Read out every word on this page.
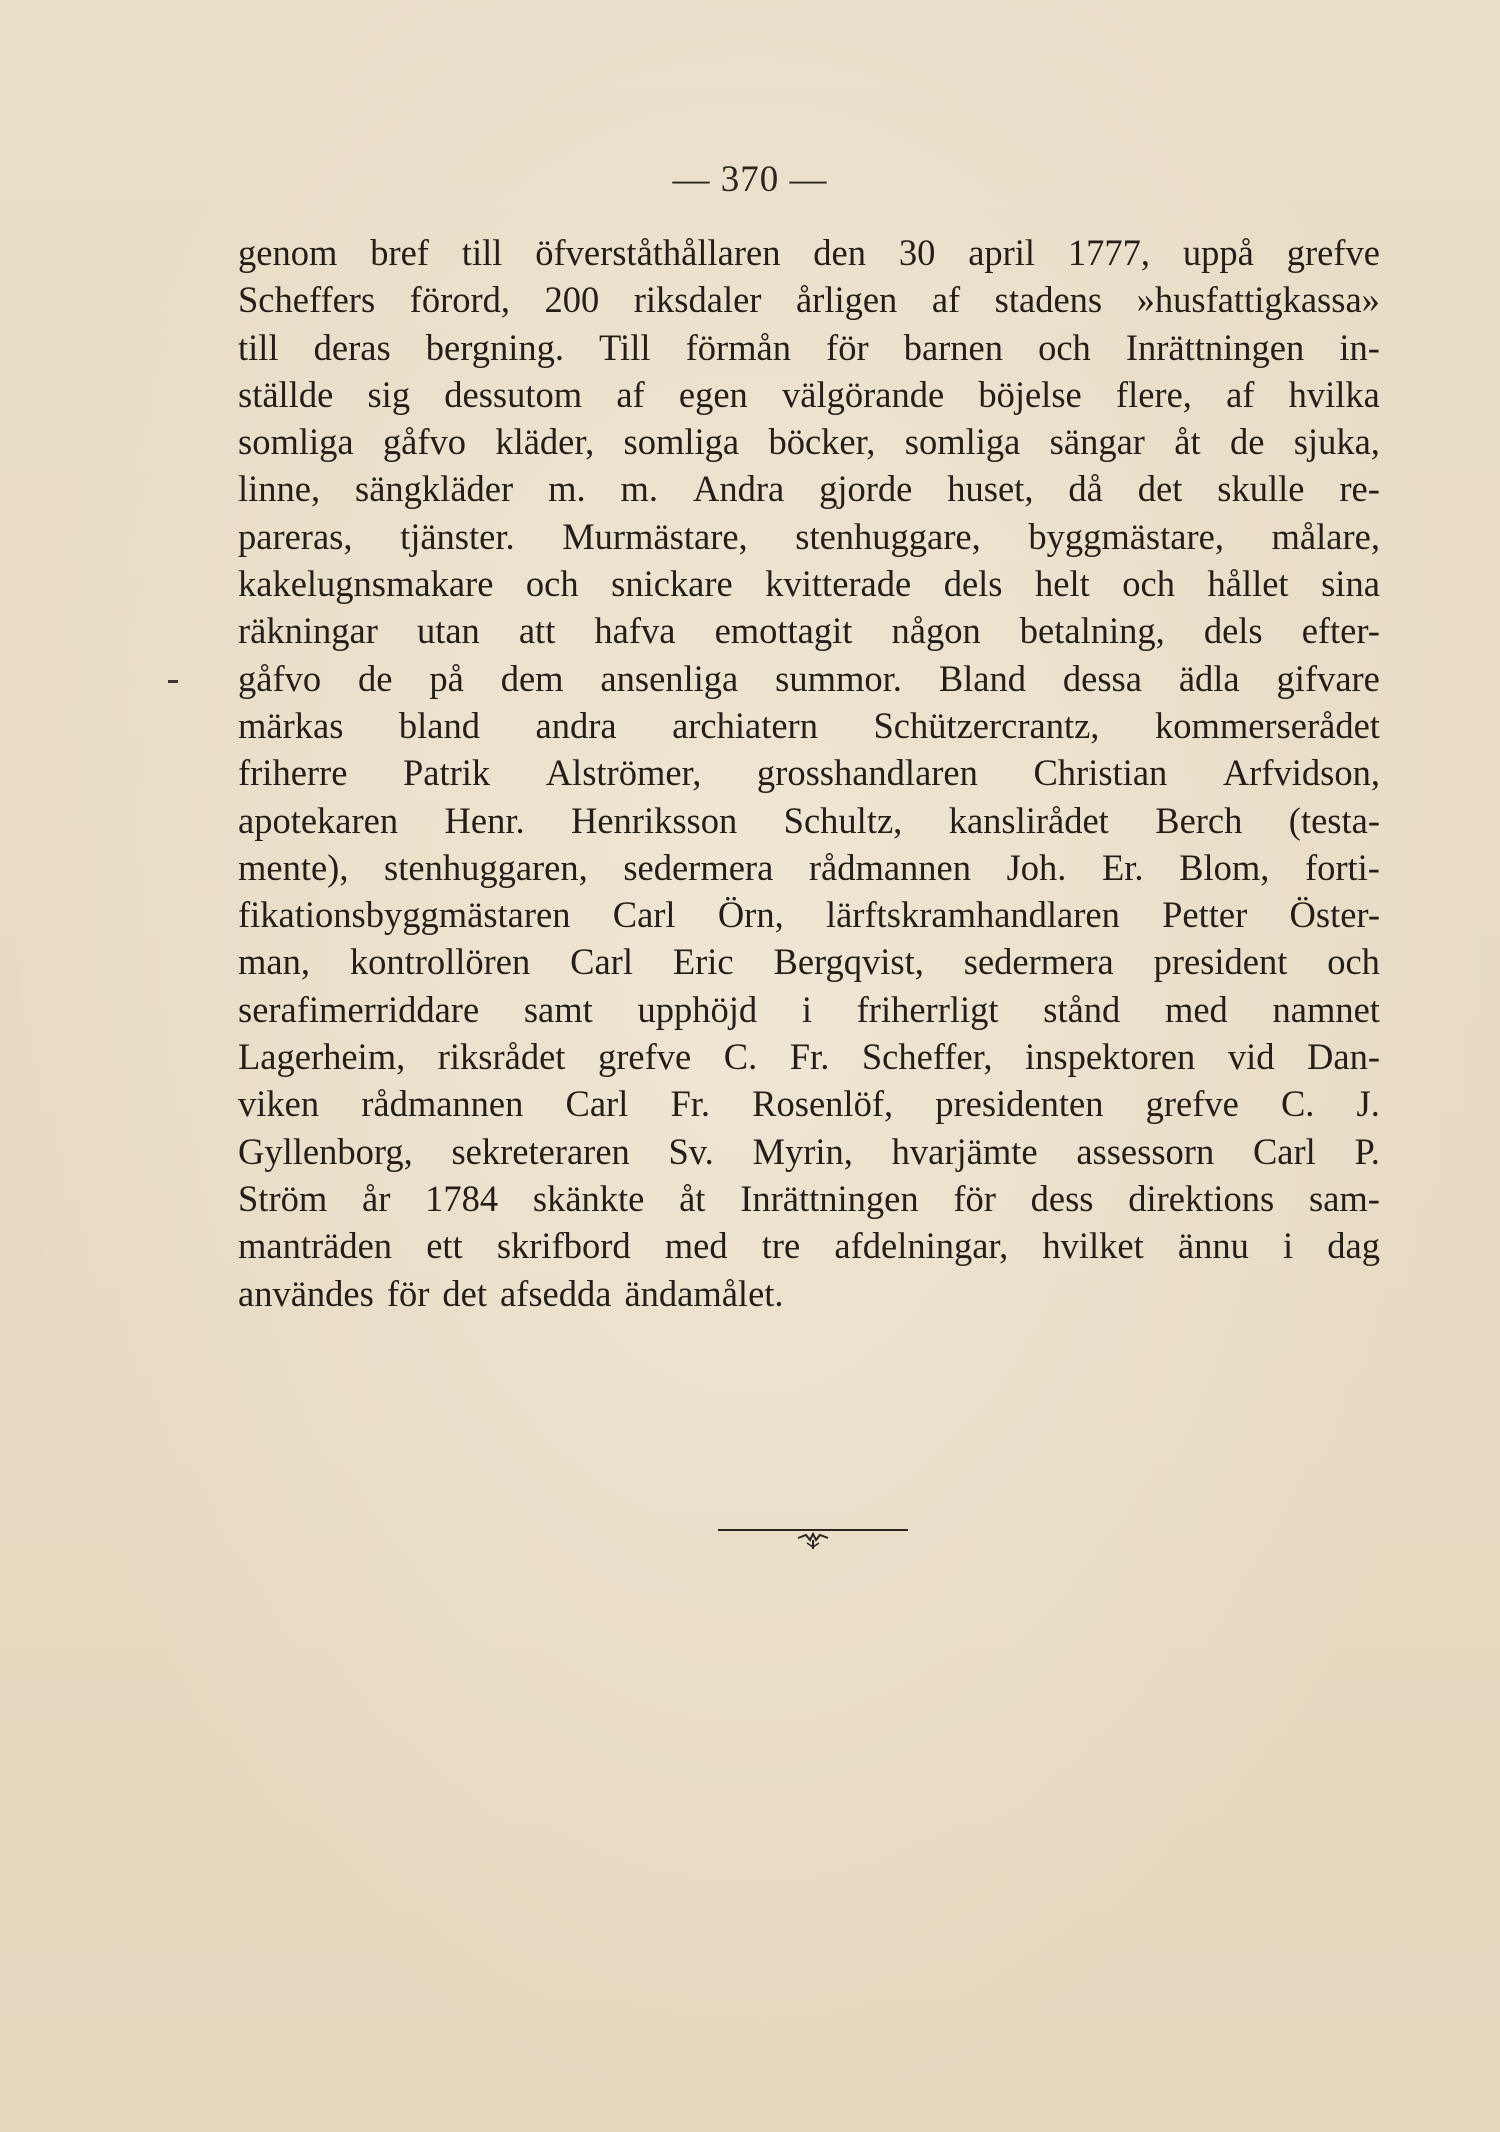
— 370 —
genom bref till öfverståthållaren den 30 april 1777, uppå grefve
Scheffers förord, 200 riksdaler årligen af stadens »husfattigkassa»
till deras bergning. Till förmån för barnen och Inrättningen in-
ställde sig dessutom af egen välgörande böjelse flere, af hvilka
somliga gåfvo kläder, somliga böcker, somliga sängar åt de sjuka,
linne, sängkläder m. m. Andra gjorde huset, då det skulle re-
pareras, tjänster. Murmästare, stenhuggare, byggmästare, målare,
kakelugnsmakare och snickare kvitterade dels helt och hållet sina
räkningar utan att hafva emottagit någon betalning, dels efter-
gåfvo de på dem ansenliga summor. Bland dessa ädla gifvare
märkas bland andra archiatern Schützercrantz, kommerserådet
friherre Patrik Alströmer, grosshandlaren Christian Arfvidson,
apotekaren Henr. Henriksson Schultz, kanslirådet Berch (testa-
mente), stenhuggaren, sedermera rådmannen Joh. Er. Blom, forti-
fikationsbyggmästaren Carl Örn, lärftskramhandlaren Petter Öster-
man, kontrollören Carl Eric Bergqvist, sedermera president och
serafimerriddare samt upphöjd i friherrligt stånd med namnet
Lagerheim, riksrådet grefve C. Fr. Scheffer, inspektoren vid Dan-
viken rådmannen Carl Fr. Rosenlöf, presidenten grefve C. J.
Gyllenborg, sekreteraren Sv. Myrin, hvarjämte assessorn Carl P.
Ström år 1784 skänkte åt Inrättningen för dess direktions sam-
manträden ett skrifbord med tre afdelningar, hvilket ännu i dag
användes för det afsedda ändamålet.
